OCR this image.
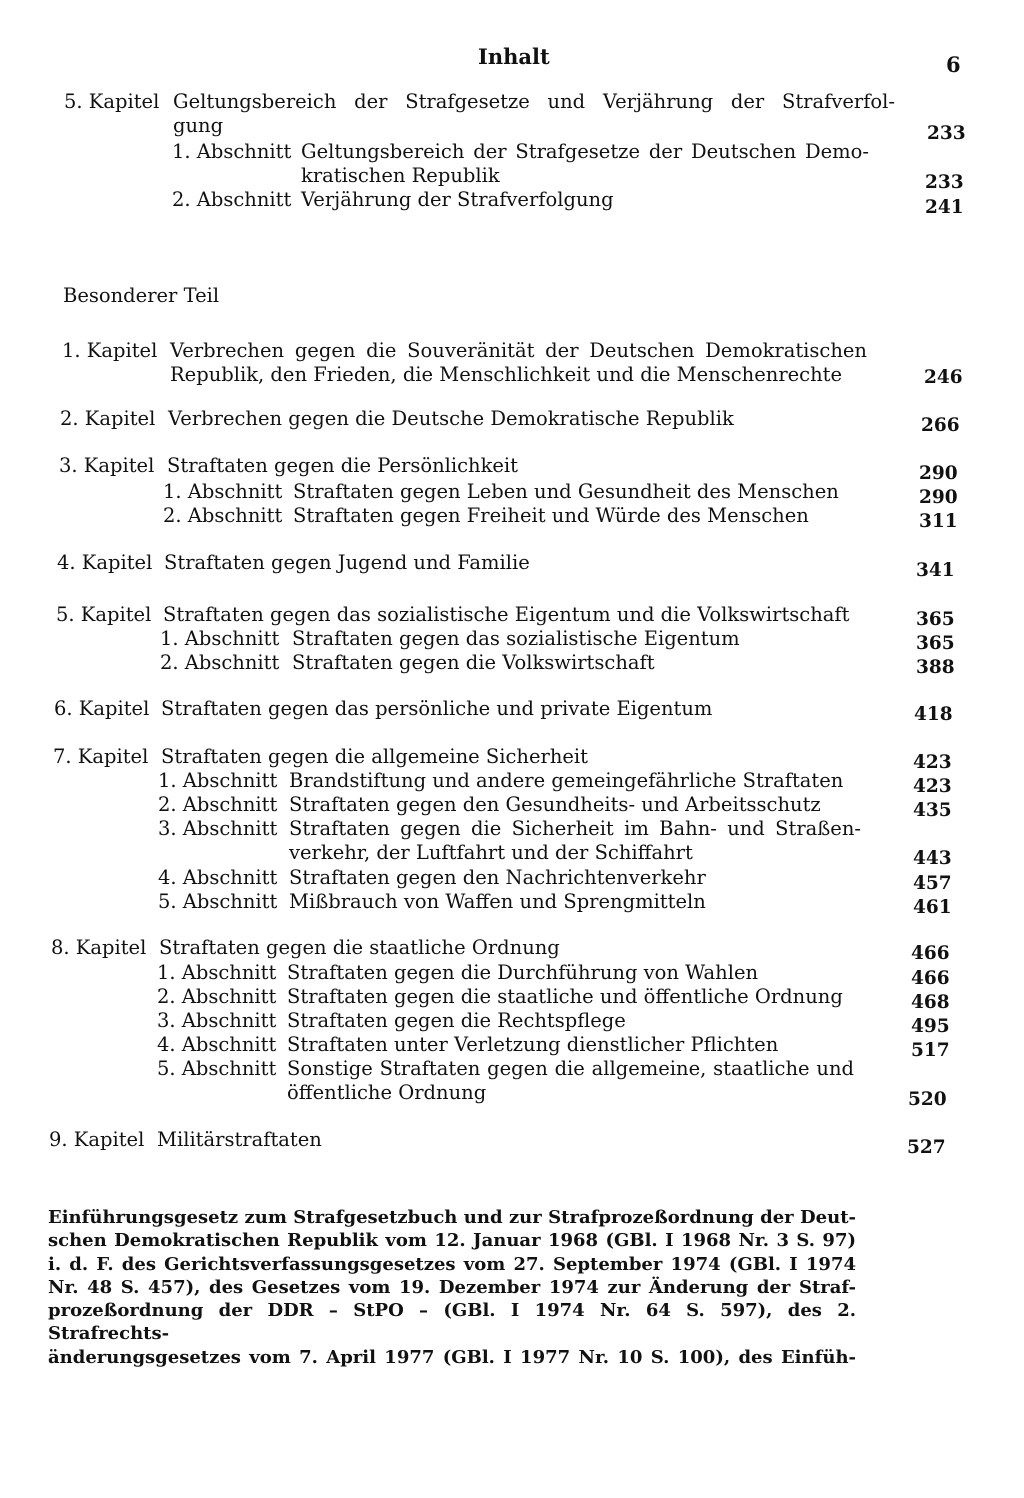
Inhalt	6
5. Kapitel Geltungsbereich der Strafgesetze und Verjährung der Strafverfol-
gung	233
1. Abschnitt Geltungsbereich der Strafgesetze der Deutschen Demo-
kratischen Republik	233
2. Abschnitt Verjährung der Strafverfolgung	241
Besonderer Teil
1. Kapitel Verbrechen gegen die Souveränität der Deutschen Demokratischen
Republik, den Frieden, die Menschlichkeit und die Menschenrechte	246
2. Kapitel Verbrechen gegen die Deutsche Demokratische Republik	266
3. Kapitel Straftaten gegen die Persönlichkeit	290
1. Abschnitt Straftaten gegen Leben und Gesundheit des Menschen	290
2. Abschnitt Straftaten gegen Freiheit und Würde des Menschen	311
4. Kapitel Straftaten gegen Jugend und Familie	341
5. Kapitel Straftaten gegen das sozialistische Eigentum und die Volkswirtschaft	365
1. Abschnitt Straftaten gegen das sozialistische Eigentum	365
2. Abschnitt Straftaten gegen die Volkswirtschaft	388
6. Kapitel Straftaten gegen das persönliche und private Eigentum	418
7. Kapitel Straftaten gegen die allgemeine Sicherheit	423
1. Abschnitt Brandstiftung und andere gemeingefährliche Straftaten	423
2. Abschnitt Straftaten gegen den Gesundheits- und Arbeitsschutz	435
3. Abschnitt Straftaten gegen die Sicherheit im Bahn- und Straßen-
verkehr, der Luftfahrt und der Schiffahrt	443
4. Abschnitt Straftaten gegen den Nachrichtenverkehr	457
5. Abschnitt Mißbrauch von Waffen und Sprengmitteln	461
8. Kapitel Straftaten gegen die staatliche Ordnung	466
1. Abschnitt Straftaten gegen die Durchführung von Wahlen	466
2. Abschnitt Straftaten gegen die staatliche und öffentliche Ordnung	468
3. Abschnitt Straftaten gegen die Rechtspflege	495
4. Abschnitt Straftaten unter Verletzung dienstlicher Pflichten	517
5. Abschnitt Sonstige Straftaten gegen die allgemeine, staatliche und
öffentliche Ordnung	520
9. Kapitel Militärstraftaten	527
Einführungsgesetz zum Strafgesetzbuch und zur Strafprozeßordnung der Deut-
schen Demokratischen Republik vom 12. Januar 1968 (GBl. I 1968 Nr. 3 S. 97)
i. d. F. des Gerichtsverfassungsgesetzes vom 27. September 1974 (GBl. I 1974
Nr. 48 S. 457), des Gesetzes vom 19. Dezember 1974 zur Änderung der Straf-
prozeßordnung der DDR – StPO – (GBl. I 1974 Nr. 64 S. 597), des 2. Strafrechts-
änderungsgesetzes vom 7. April 1977 (GBl. I 1977 Nr. 10 S. 100), des Einfüh-
